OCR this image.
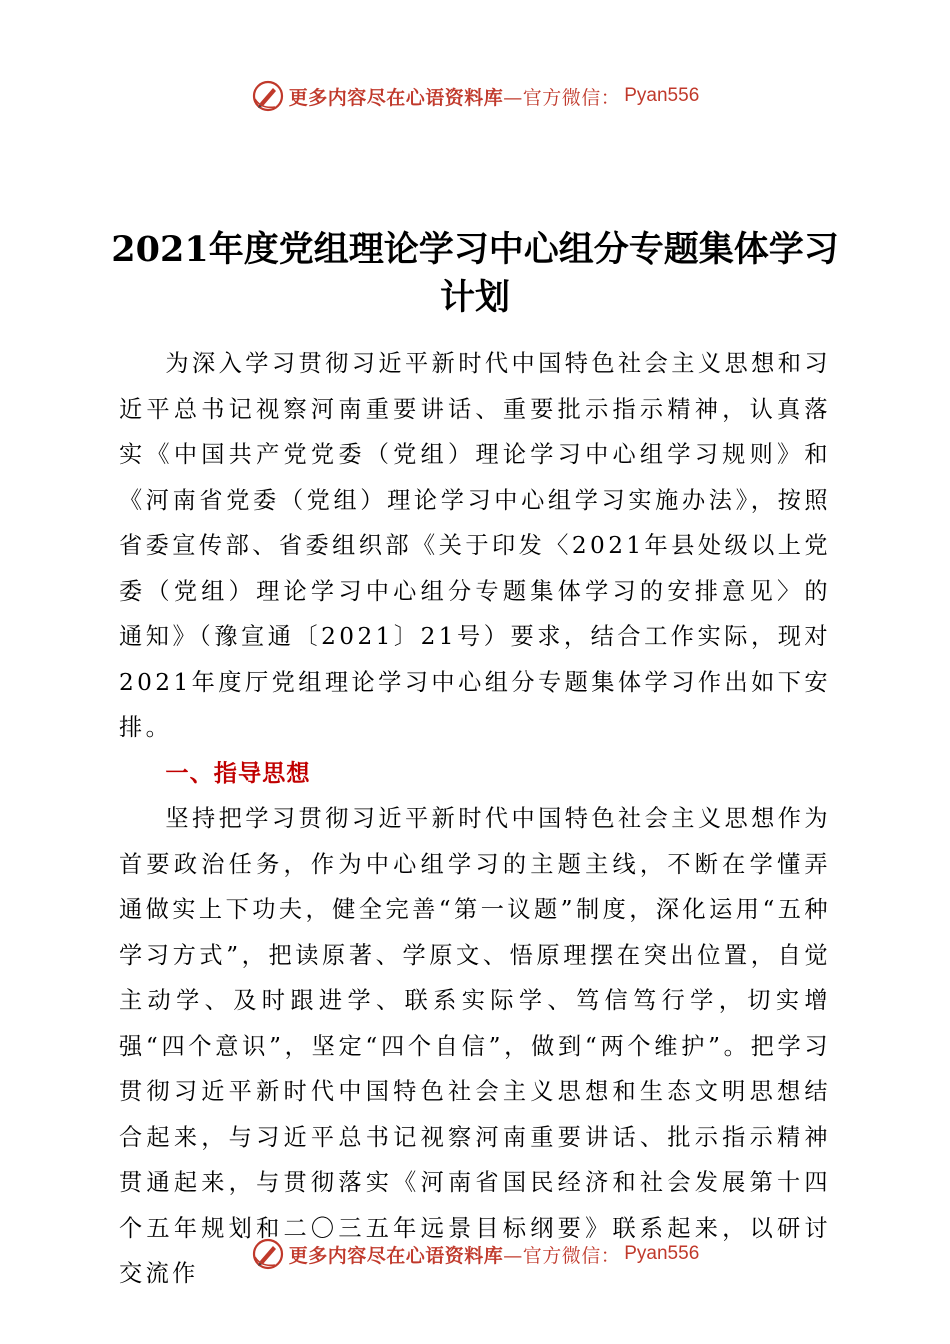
更多内容尽在心语资料库 —官方微信： Pyan556
2021年度党组理论学习中心组分专题集体学习计划

为深入学习贯彻习近平新时代中国特色社会主义思想和习近平总书记视察河南重要讲话、重要批示指示精神，认真落实《中国共产党党委（党组）理论学习中心组学习规则》和《河南省党委（党组）理论学习中心组学习实施办法》，按照省委宣传部、省委组织部《关于印发〈2021年县处级以上党委（党组）理论学习中心组分专题集体学习的安排意见〉的通知》（豫宣通〔2021〕21号）要求，结合工作实际，现对2021年度厅党组理论学习中心组分专题集体学习作出如下安排。

一、指导思想

坚持把学习贯彻习近平新时代中国特色社会主义思想作为首要政治任务，作为中心组学习的主题主线，不断在学懂弄通做实上下功夫，健全完善“第一议题”制度，深化运用“五种学习方式”，把读原著、学原文、悟原理摆在突出位置，自觉主动学、及时跟进学、联系实际学、笃信笃行学，切实增强“四个意识”，坚定“四个自信”，做到“两个维护”。把学习贯彻习近平新时代中国特色社会主义思想和生态文明思想结合起来，与习近平总书记视察河南重要讲话、批示指示精神贯通起来，与贯彻落实《河南省国民经济和社会发展第十四个五年规划和二〇三五年远景目标纲要》联系起来，以研讨交流作

更多内容尽在心语资料库 —官方微信： Pyan556
